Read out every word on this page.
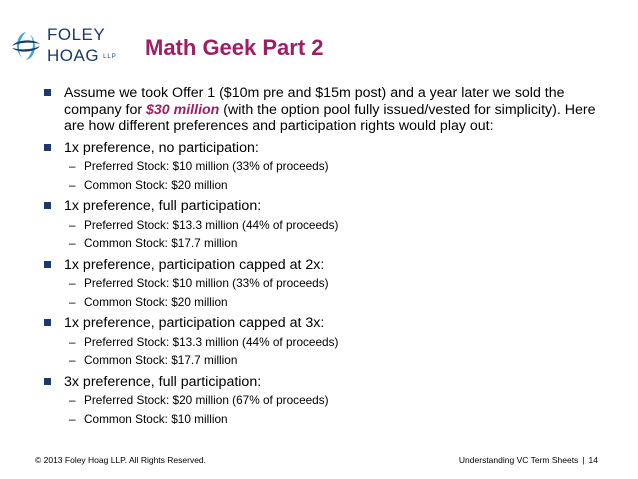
FOLEY
HOAG LLP Math Geek Part 2
Assume we took Offer 1 ($10m pre and $15m post) and a year later we sold the company for $30 million (with the option pool fully issued/vested for simplicity). Here are how different preferences and participation rights would play out:
1x preference, no participation:
– Preferred Stock: $10 million (33% of proceeds)
– Common Stock: $20 million
1x preference, full participation:
– Preferred Stock: $13.3 million (44% of proceeds)
– Common Stock: $17.7 million
1x preference, participation capped at 2x:
– Preferred Stock: $10 million (33% of proceeds)
– Common Stock: $20 million
1x preference, participation capped at 3x:
– Preferred Stock: $13.3 million (44% of proceeds)
– Common Stock: $17.7 million
3x preference, full participation:
– Preferred Stock: $20 million (67% of proceeds)
– Common Stock: $10 million
© 2013 Foley Hoag LLP. All Rights Reserved.	Understanding VC Term Sheets | 14
